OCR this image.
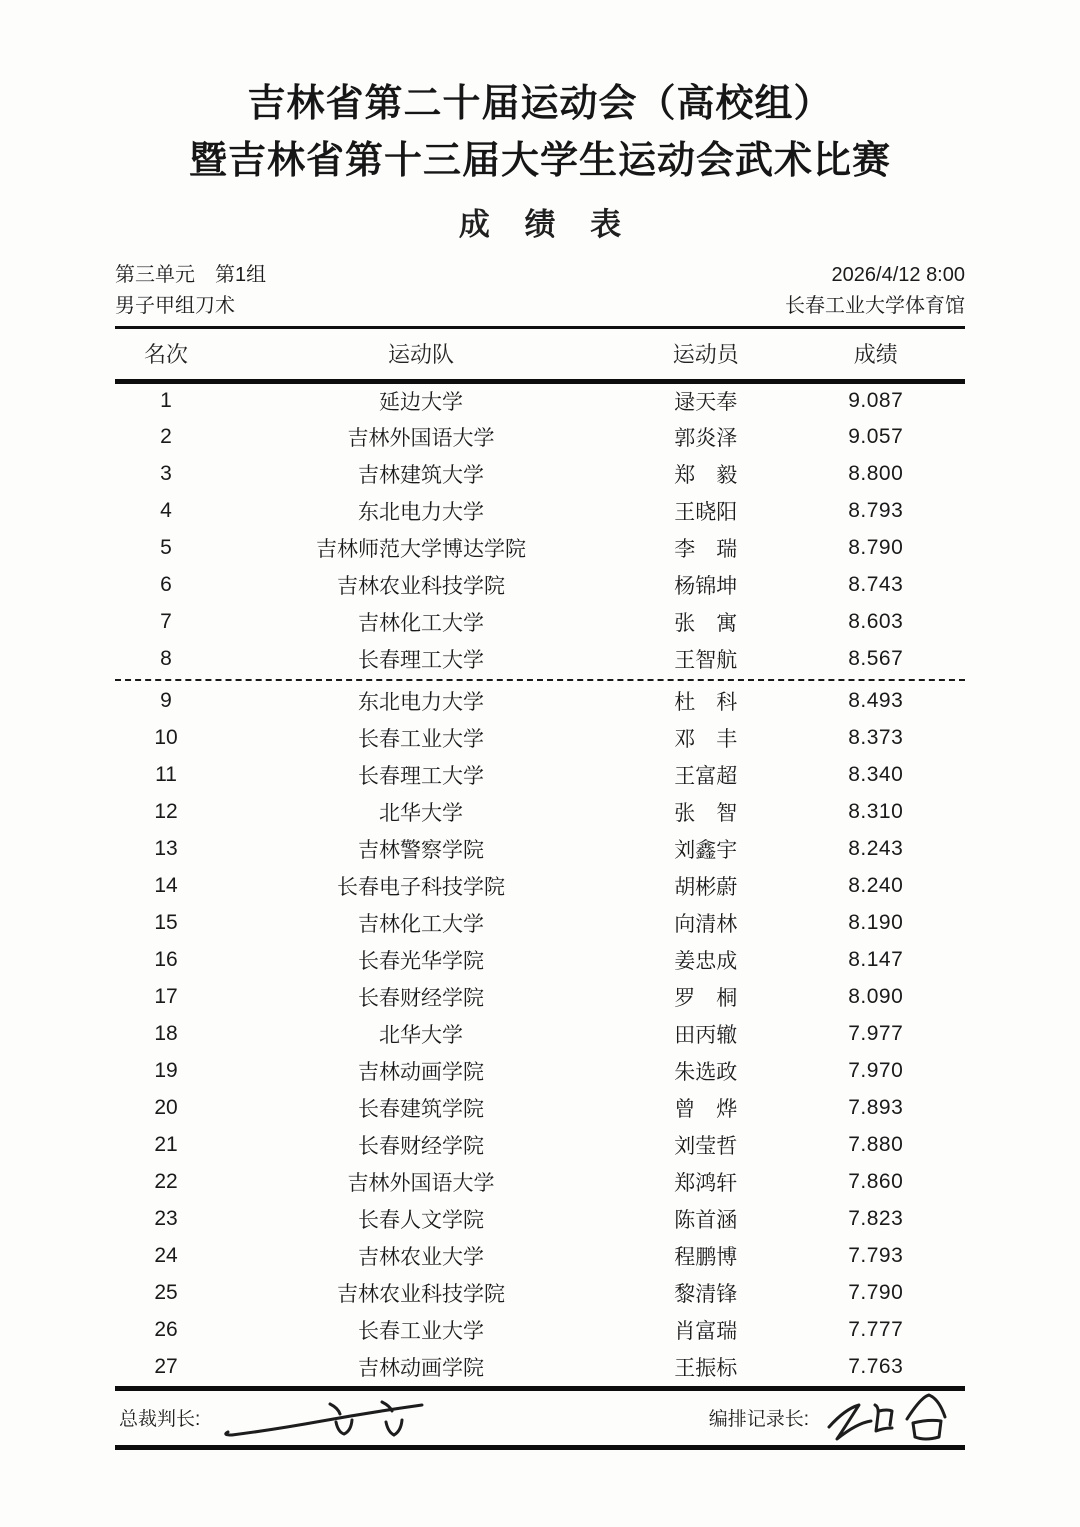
吉林省第二十届运动会（高校组）
暨吉林省第十三届大学生运动会武术比赛
成 绩 表
第三单元　第1组	2026/4/12 8:00
男子甲组刀术	长春工业大学体育馆
名次	运动队	运动员	成绩
1	延边大学	逯天奉	9.087
2	吉林外国语大学	郭炎泽	9.057
3	吉林建筑大学	郑　毅	8.800
4	东北电力大学	王晓阳	8.793
5	吉林师范大学博达学院	李　瑞	8.790
6	吉林农业科技学院	杨锦坤	8.743
7	吉林化工大学	张　寓	8.603
8	长春理工大学	王智航	8.567

9	东北电力大学	杜　科	8.493
10	长春工业大学	邓　丰	8.373
11	长春理工大学	王富超	8.340
12	北华大学	张　智	8.310
13	吉林警察学院	刘鑫宇	8.243
14	长春电子科技学院	胡彬蔚	8.240
15	吉林化工大学	向清林	8.190
16	长春光华学院	姜忠成	8.147
17	长春财经学院	罗　桐	8.090
18	北华大学	田丙辙	7.977
19	吉林动画学院	朱选政	7.970
20	长春建筑学院	曾　烨	7.893
21	长春财经学院	刘莹哲	7.880
22	吉林外国语大学	郑鸿轩	7.860
23	长春人文学院	陈首涵	7.823
24	吉林农业大学	程鹏博	7.793
25	吉林农业科技学院	黎清锋	7.790
26	长春工业大学	肖富瑞	7.777
27	吉林动画学院	王振标	7.763
总裁判长:	编排记录长:
